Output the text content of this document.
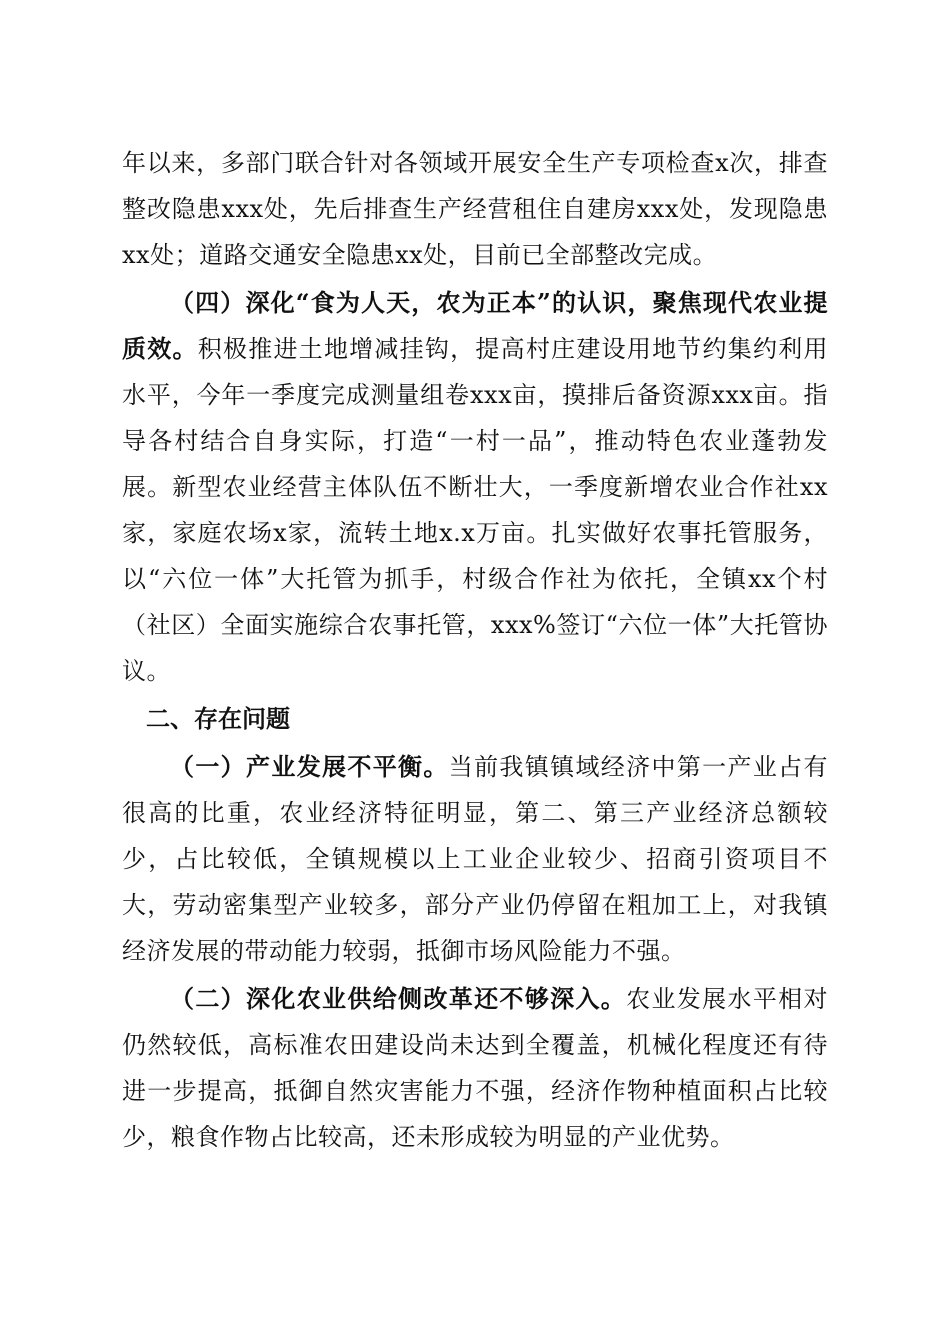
年以来，多部门联合针对各领域开展安全生产专项检查x次，排查整改隐患xxx处，先后排查生产经营租住自建房xxx处，发现隐患xx处；道路交通安全隐患xx处，目前已全部整改完成。

（四）深化“食为人天，农为正本”的认识，聚焦现代农业提质效。积极推进土地增减挂钩，提高村庄建设用地节约集约利用水平，今年一季度完成测量组卷xxx亩，摸排后备资源xxx亩。指导各村结合自身实际，打造“一村一品”，推动特色农业蓬勃发展。新型农业经营主体队伍不断壮大，一季度新增农业合作社xx家，家庭农场x家，流转土地x.x万亩。扎实做好农事托管服务，以“六位一体”大托管为抓手，村级合作社为依托，全镇xx个村（社区）全面实施综合农事托管，xxx%签订“六位一体”大托管协议。

二、存在问题

（一）产业发展不平衡。当前我镇镇域经济中第一产业占有很高的比重，农业经济特征明显，第二、第三产业经济总额较少，占比较低，全镇规模以上工业企业较少、招商引资项目不大，劳动密集型产业较多，部分产业仍停留在粗加工上，对我镇经济发展的带动能力较弱，抵御市场风险能力不强。

（二）深化农业供给侧改革还不够深入。农业发展水平相对仍然较低，高标准农田建设尚未达到全覆盖，机械化程度还有待进一步提高，抵御自然灾害能力不强，经济作物种植面积占比较少，粮食作物占比较高，还未形成较为明显的产业优势。
